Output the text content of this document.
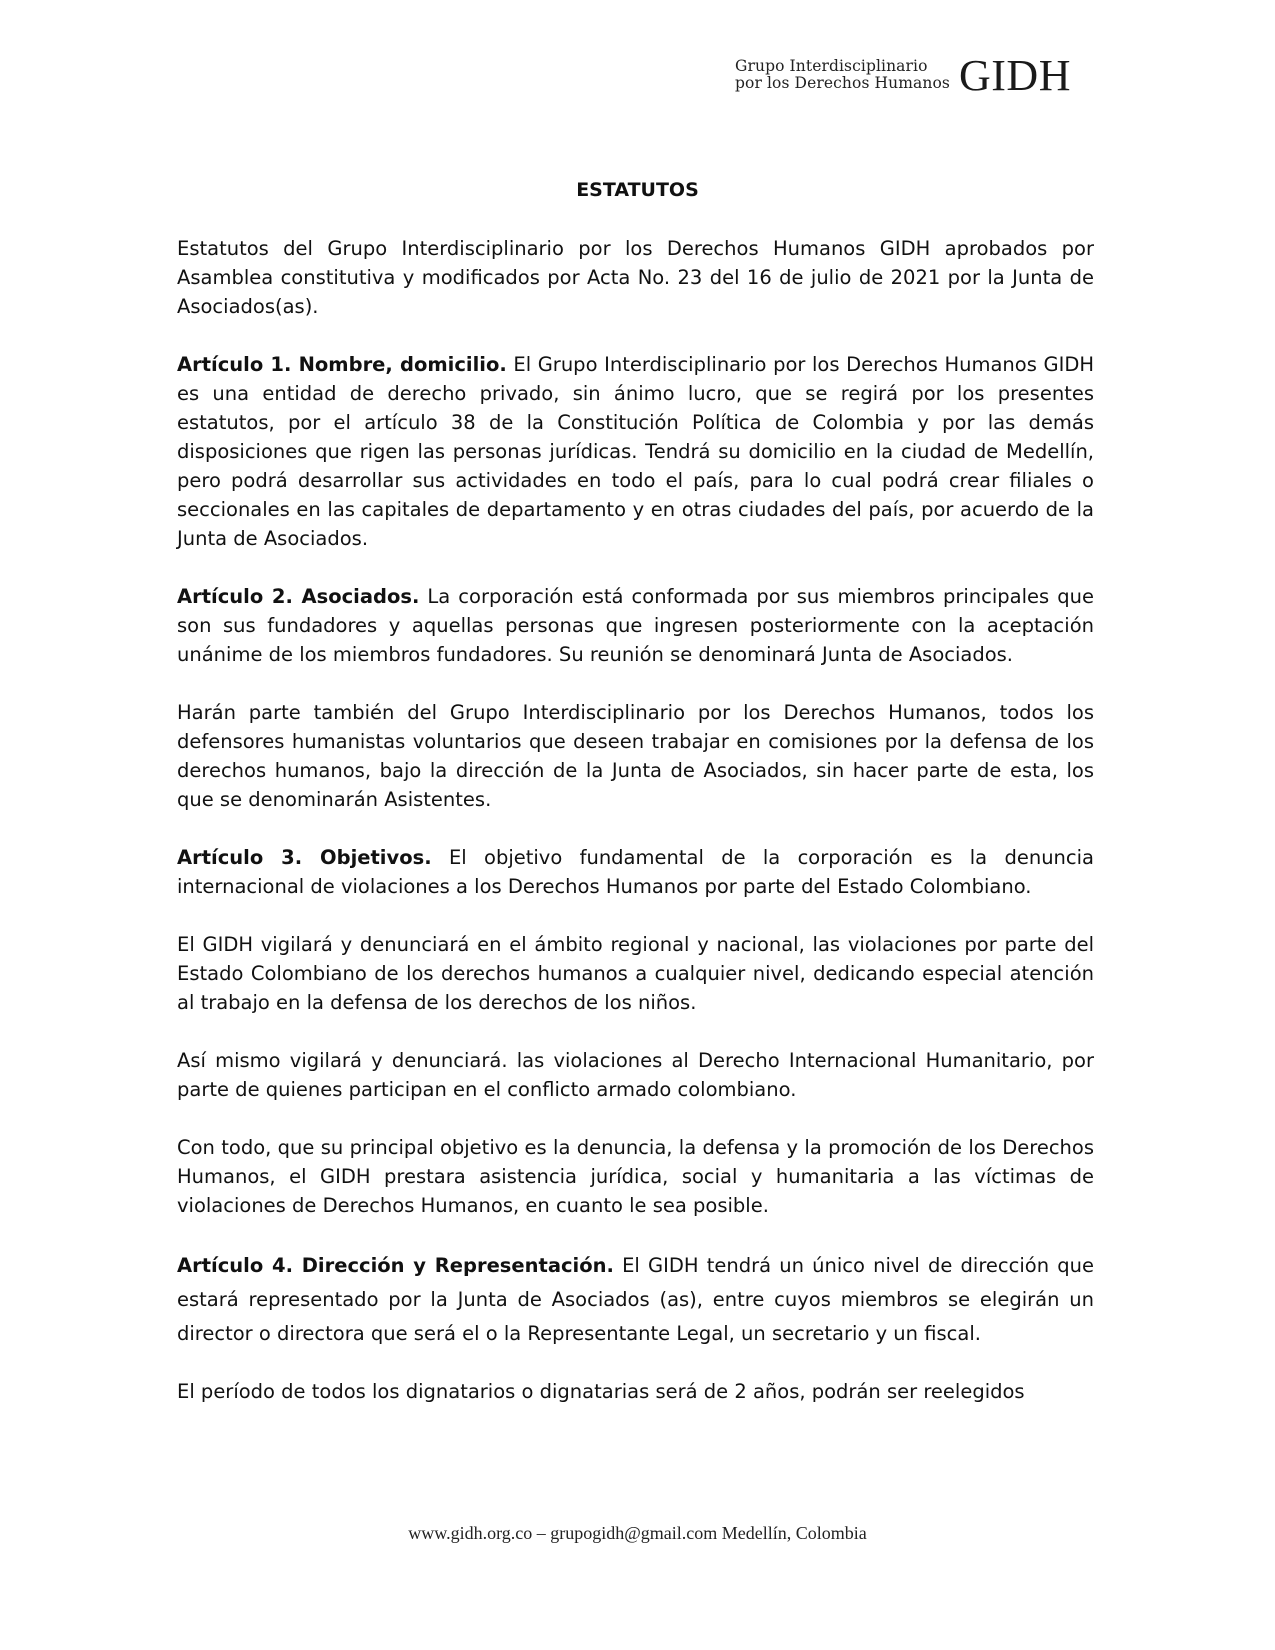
Grupo Interdisciplinario
por los Derechos Humanos GIDH
ESTATUTOS

Estatutos del Grupo Interdisciplinario por los Derechos Humanos GIDH aprobados por Asamblea constitutiva y modificados por Acta No. 23 del 16 de julio de 2021 por la Junta de Asociados(as).

Artículo 1. Nombre, domicilio. El Grupo Interdisciplinario por los Derechos Humanos GIDH es una entidad de derecho privado, sin ánimo lucro, que se regirá por los presentes estatutos, por el artículo 38 de la Constitución Política de Colombia y por las demás disposiciones que rigen las personas jurídicas. Tendrá su domicilio en la ciudad de Medellín, pero podrá desarrollar sus actividades en todo el país, para lo cual podrá crear filiales o seccionales en las capitales de departamento y en otras ciudades del país, por acuerdo de la Junta de Asociados.

Artículo 2. Asociados. La corporación está conformada por sus miembros principales que son sus fundadores y aquellas personas que ingresen posteriormente con la aceptación unánime de los miembros fundadores. Su reunión se denominará Junta de Asociados.

Harán parte también del Grupo Interdisciplinario por los Derechos Humanos, todos los defensores humanistas voluntarios que deseen trabajar en comisiones por la defensa de los derechos humanos, bajo la dirección de la Junta de Asociados, sin hacer parte de esta, los que se denominarán Asistentes.

Artículo 3. Objetivos. El objetivo fundamental de la corporación es la denuncia internacional de violaciones a los Derechos Humanos por parte del Estado Colombiano.

El GIDH vigilará y denunciará en el ámbito regional y nacional, las violaciones por parte del Estado Colombiano de los derechos humanos a cualquier nivel, dedicando especial atención al trabajo en la defensa de los derechos de los niños.

Así mismo vigilará y denunciará. las violaciones al Derecho Internacional Humanitario, por parte de quienes participan en el conflicto armado colombiano.

Con todo, que su principal objetivo es la denuncia, la defensa y la promoción de los Derechos Humanos, el GIDH prestara asistencia jurídica, social y humanitaria a las víctimas de violaciones de Derechos Humanos, en cuanto le sea posible.

Artículo 4. Dirección y Representación. El GIDH tendrá un único nivel de dirección que estará representado por la Junta de Asociados (as), entre cuyos miembros se elegirán un director o directora que será el o la Representante Legal, un secretario y un fiscal.

El período de todos los dignatarios o dignatarias será de 2 años, podrán ser reelegidos

www.gidh.org.co – grupogidh@gmail.com Medellín, Colombia
